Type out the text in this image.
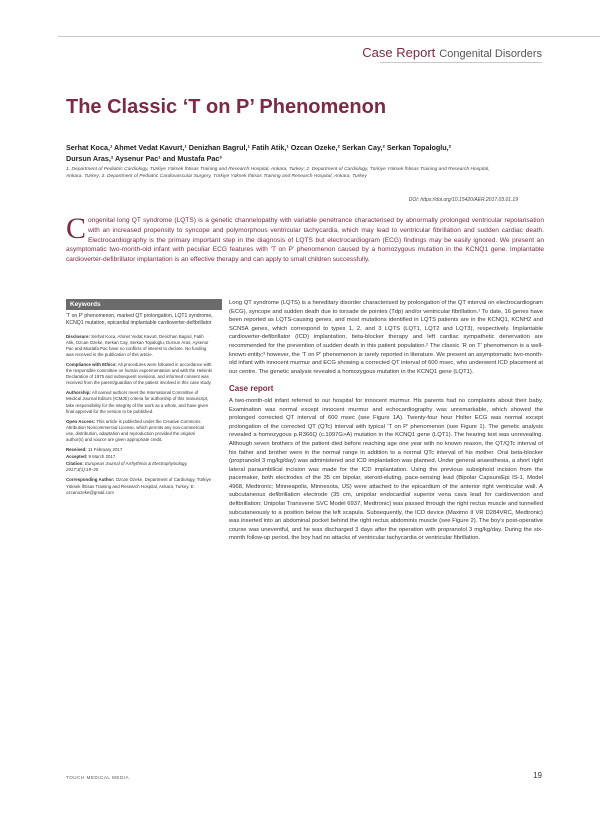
Case Report Congenital Disorders
The Classic ‘T on P’ Phenomenon
Serhat Koca,¹ Ahmet Vedat Kavurt,¹ Denizhan Bagrul,¹ Fatih Atik,¹ Ozcan Ozeke,² Serkan Cay,² Serkan Topaloglu,²
Dursun Aras,² Aysenur Pac¹ and Mustafa Pac³
1. Department of Pediatric Cardiology, Türkiye Yüksek İhtisas Training and Research Hospital, Ankara, Turkey; 2. Department of Cardiology, Türkiye Yüksek İhtisas Training and Research Hospital, Ankara, Turkey; 3. Department of Pediatric Cardiovascular Surgery, Türkiye Yüksek İhtisas Training and Research Hospital, Ankara, Turkey
DOI: https://doi.org/10.15420/AER.2017.03.01.19
Congenital long QT syndrome (LQTS) is a genetic channelopathy with variable penetrance characterised by abnormally prolonged ventricular repolarisation with an increased propensity to syncope and polymorphous ventricular tachycardia, which may lead to ventricular fibrillation and sudden cardiac death. Electrocardiography is the primary important step in the diagnosis of LQTS but electrocardiogram (ECG) findings may be easily ignored. We present an asymptomatic two-month-old infant with peculiar ECG features with ‘T on P’ phenomenon caused by a homozygous mutation in the KCNQ1 gene. Implantable cardioverter-defibrillator implantation is an effective therapy and can apply to small children successfully.
Keywords
‘T on P’ phenomenon, marked QT prolongation, LQT1 syndrome, KCNQ1 mutation, epicardial implantable cardioverter-defibrillator

Disclosure: Serhat Koca, Ahmet Vedat Kavurt, Denizhan Bagrul, Fatih Atik, Ozcan Ozeke, Serkan Cay, Serkan Topaloglu, Dursun Aras, Aysenur Pac and Mustafa Pac have no conflicts of interest to declare. No funding was received in the publication of this article.

Compliance with Ethics: All procedures were followed in accordance with the responsible committee on human experimentation and with the Helsinki Declaration of 1975 and subsequent revisions, and informed consent was received from the parent/guardian of the patient involved in this case study.

Authorship: All named authors meet the International Committee of Medical Journal Editors (ICMJE) criteria for authorship of this manuscript, take responsibility for the integrity of the work as a whole, and have given final approval for the version to be published.

Open Access: This article is published under the Creative Commons Attribution Noncommercial License, which permits any non-commercial use, distribution, adaptation and reproduction provided the original author(s) and source are given appropriate credit.

Received: 11 February 2017

Accepted: 9 March 2017

Citation: European Journal of Arrhythmia & Electrophysiology, 2017;3(1):19–20

Corresponding Author: Ozcan Ozeke, Department of Cardiology, Türkiye Yüksek İhtisas Training and Research Hospital, Ankara, Turkey. E: ozcanozeke@gmail.com

Long QT syndrome (LQTS) is a hereditary disorder characterised by prolongation of the QT interval on electrocardiogram (ECG), syncope and sudden death due to torsade de pointes (Tdp) and/or ventricular fibrillation.¹ To date, 16 genes have been reported as LQTS-causing genes, and most mutations identified in LQTS patients are in the KCNQ1, KCNH2 and SCN5A genes, which correspond to types 1, 2, and 3 LQTS (LQT1, LQT2 and LQT3), respectively. Implantable cardioverter-defibrillator (ICD) implantation, beta-blocker therapy and left cardiac sympathetic denervation are recommended for the prevention of sudden death in this patient population.² The classic ‘R on T’ phenomenon is a well-known entity;³ however, the ‘T on P’ phenomenon is rarely reported in literature. We present an asymptomatic two-month-old infant with innocent murmur and ECG showing a corrected QT interval of 600 msec, who underwent ICD placement at our centre. The genetic analysis revealed a homozygous mutation in the KCNQ1 gene (LQT1).

Case report

A two-month-old infant referred to our hospital for innocent murmur. His parents had no complaints about their baby. Examination was normal except innocent murmur and echocardiography was unremarkable, which showed the prolonged corrected QT interval of 600 msec (see Figure 1A). Twenty-four hour Holter ECG was normal except prolongation of the corrected QT (QTc) interval with typical ‘T on P’ phenomenon (see Figure 1). The genetic analysis revealed a homozygous p.R366Q (c.1097G>A) mutation in the KCNQ1 gene (LQT1). The hearing test was unrevealing. Although seven brothers of the patient died before reaching age one year with no known reason, the QT/QTc interval of his father and brother were in the normal range in addition to a normal QTc interval of his mother. Oral beta-blocker (propranolol 3 mg/kg/day) was administered and ICD implantation was planned. Under general anaesthesia, a short right lateral paraumbilical incision was made for the ICD implantation. Using the previous subxiphoid incision from the pacemaker, both electrodes of the 35 cm bipolar, steroid-eluting, pace-sensing lead (Bipolar CapsureEpi IS-1, Model 4968, Medtronic; Minneapolis, Minnesota, US) were attached to the epicardium of the anterior right ventricular wall. A subcutaneous defibrillation electrode (35 cm, unipolar endocardial superior vena cava lead for cardioversion and defibrillation; Unipolar Transvene SVC Model 6937, Medtronic) was passed through the right rectus muscle and tunnelled subcutaneously to a position below the left scapula. Subsequently, the ICD device (Maximo II VR D284VRC, Medtronic) was inserted into an abdominal pocket behind the right rectus abdominis muscle (see Figure 2). The boy’s post-operative course was uneventful, and he was discharged 3 days after the operation with propranolol 3 mg/kg/day. During the six-month follow-up period, the boy had no attacks of ventricular tachycardia or ventricular fibrillation.

TOUCH MEDICAL MEDIA	19
